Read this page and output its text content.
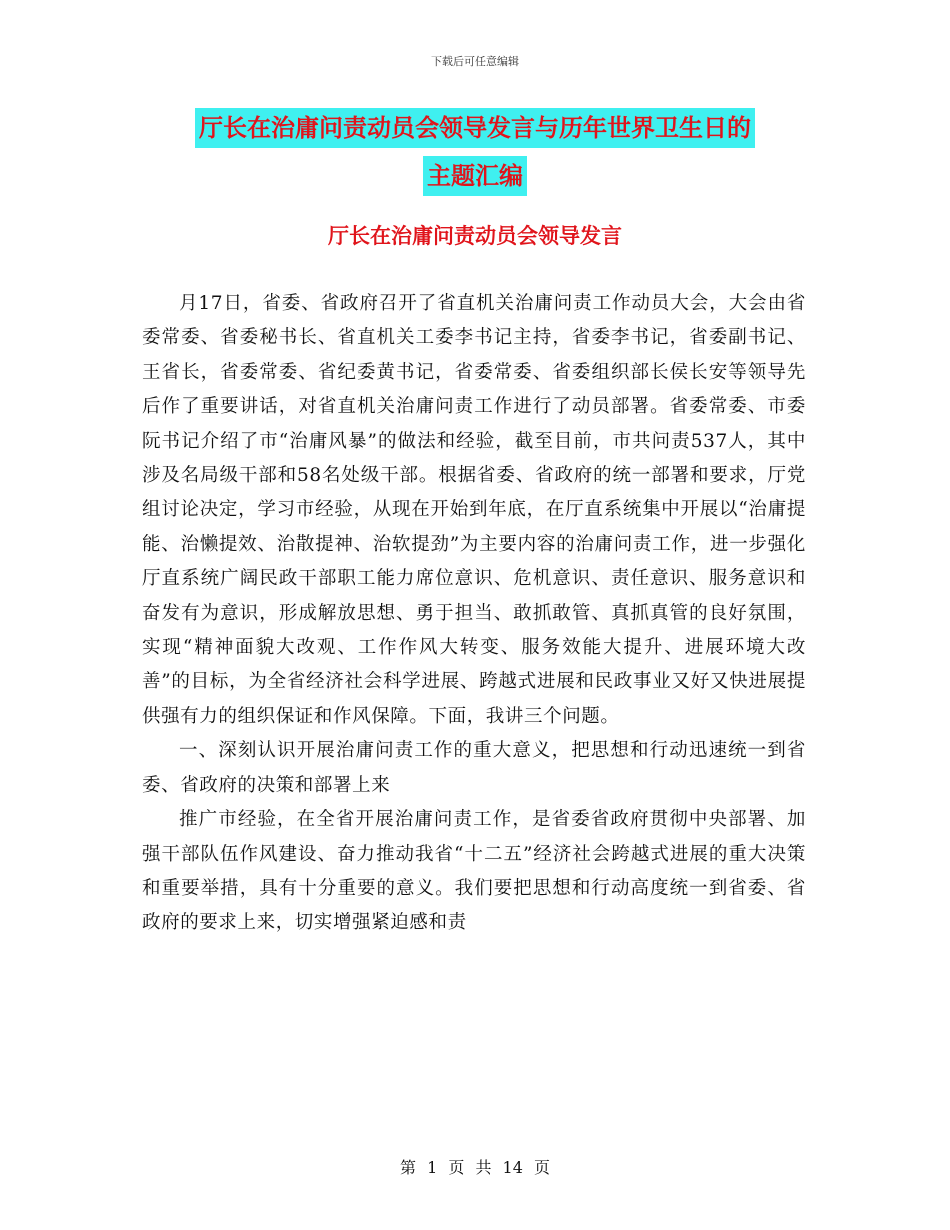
下载后可任意编辑
厅长在治庸问责动员会领导发言与历年世界卫生日的
主题汇编
厅长在治庸问责动员会领导发言

月17日，省委、省政府召开了省直机关治庸问责工作动员大会，大会由省委常委、省委秘书长、省直机关工委李书记主持，省委李书记，省委副书记、王省长，省委常委、省纪委黄书记，省委常委、省委组织部长侯长安等领导先后作了重要讲话，对省直机关治庸问责工作进行了动员部署。省委常委、市委阮书记介绍了市“治庸风暴”的做法和经验，截至目前，市共问责537人，其中涉及名局级干部和58名处级干部。根据省委、省政府的统一部署和要求，厅党组讨论决定，学习市经验，从现在开始到年底，在厅直系统集中开展以“治庸提能、治懒提效、治散提神、治软提劲”为主要内容的治庸问责工作，进一步强化厅直系统广阔民政干部职工能力席位意识、危机意识、责任意识、服务意识和奋发有为意识，形成解放思想、勇于担当、敢抓敢管、真抓真管的良好氛围，实现“精神面貌大改观、工作作风大转变、服务效能大提升、进展环境大改善”的目标，为全省经济社会科学进展、跨越式进展和民政事业又好又快进展提供强有力的组织保证和作风保障。下面，我讲三个问题。

一、深刻认识开展治庸问责工作的重大意义，把思想和行动迅速统一到省委、省政府的决策和部署上来

推广市经验，在全省开展治庸问责工作，是省委省政府贯彻中央部署、加强干部队伍作风建设、奋力推动我省“十二五”经济社会跨越式进展的重大决策和重要举措，具有十分重要的意义。我们要把思想和行动高度统一到省委、省政府的要求上来，切实增强紧迫感和责

第 1 页 共 14 页
